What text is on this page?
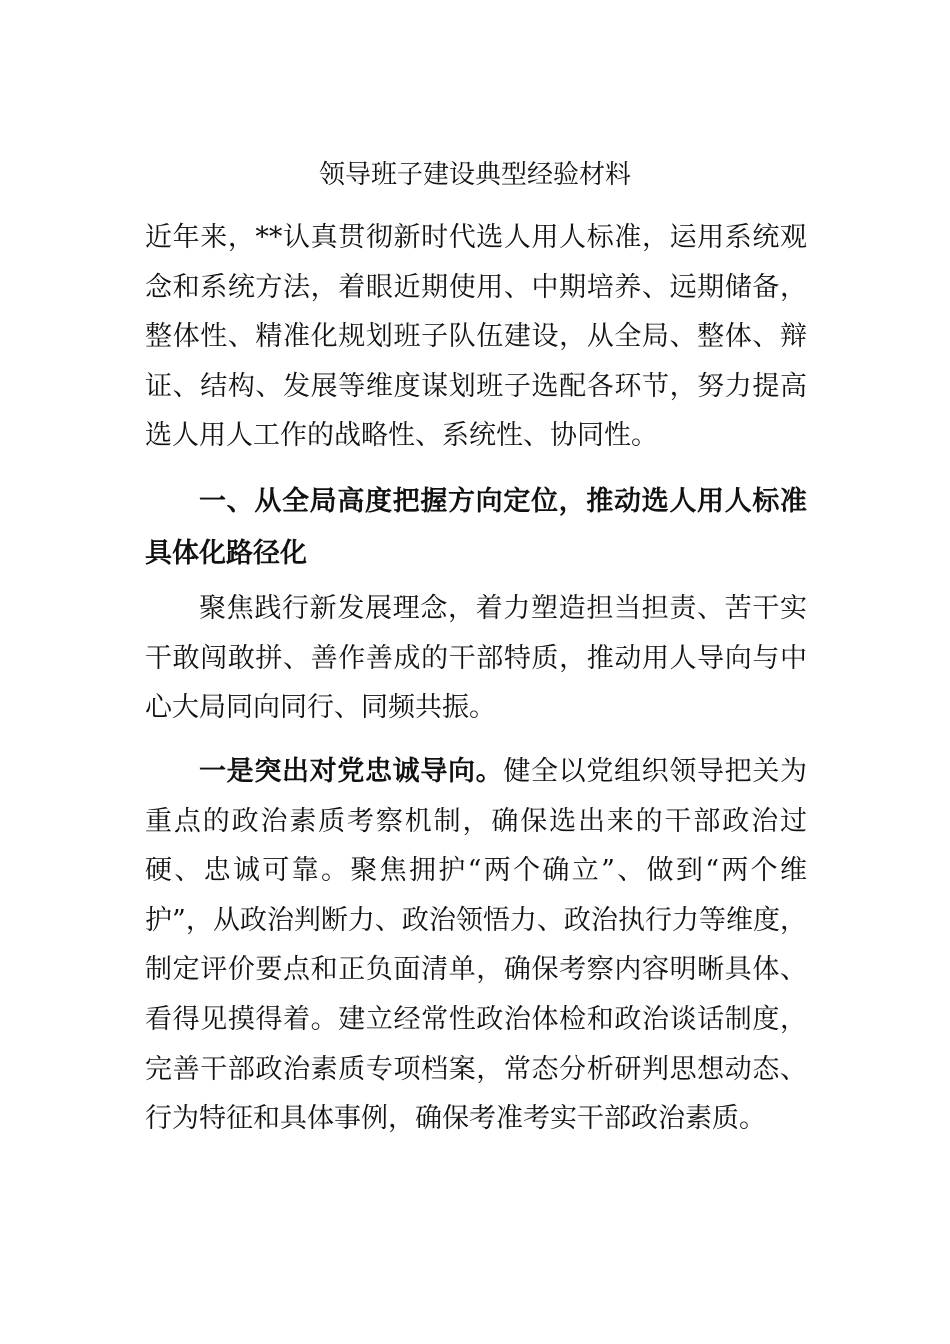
领导班子建设典型经验材料

近年来，**认真贯彻新时代选人用人标准，运用系统观念和系统方法，着眼近期使用、中期培养、远期储备，整体性、精准化规划班子队伍建设，从全局、整体、辩证、结构、发展等维度谋划班子选配各环节，努力提高选人用人工作的战略性、系统性、协同性。

一、从全局高度把握方向定位，推动选人用人标准具体化路径化

聚焦践行新发展理念，着力塑造担当担责、苦干实干敢闯敢拼、善作善成的干部特质，推动用人导向与中心大局同向同行、同频共振。

一是突出对党忠诚导向。健全以党组织领导把关为重点的政治素质考察机制，确保选出来的干部政治过硬、忠诚可靠。聚焦拥护“两个确立”、做到“两个维护”，从政治判断力、政治领悟力、政治执行力等维度，制定评价要点和正负面清单，确保考察内容明晰具体、看得见摸得着。建立经常性政治体检和政治谈话制度，完善干部政治素质专项档案，常态分析研判思想动态、行为特征和具体事例，确保考准考实干部政治素质。
